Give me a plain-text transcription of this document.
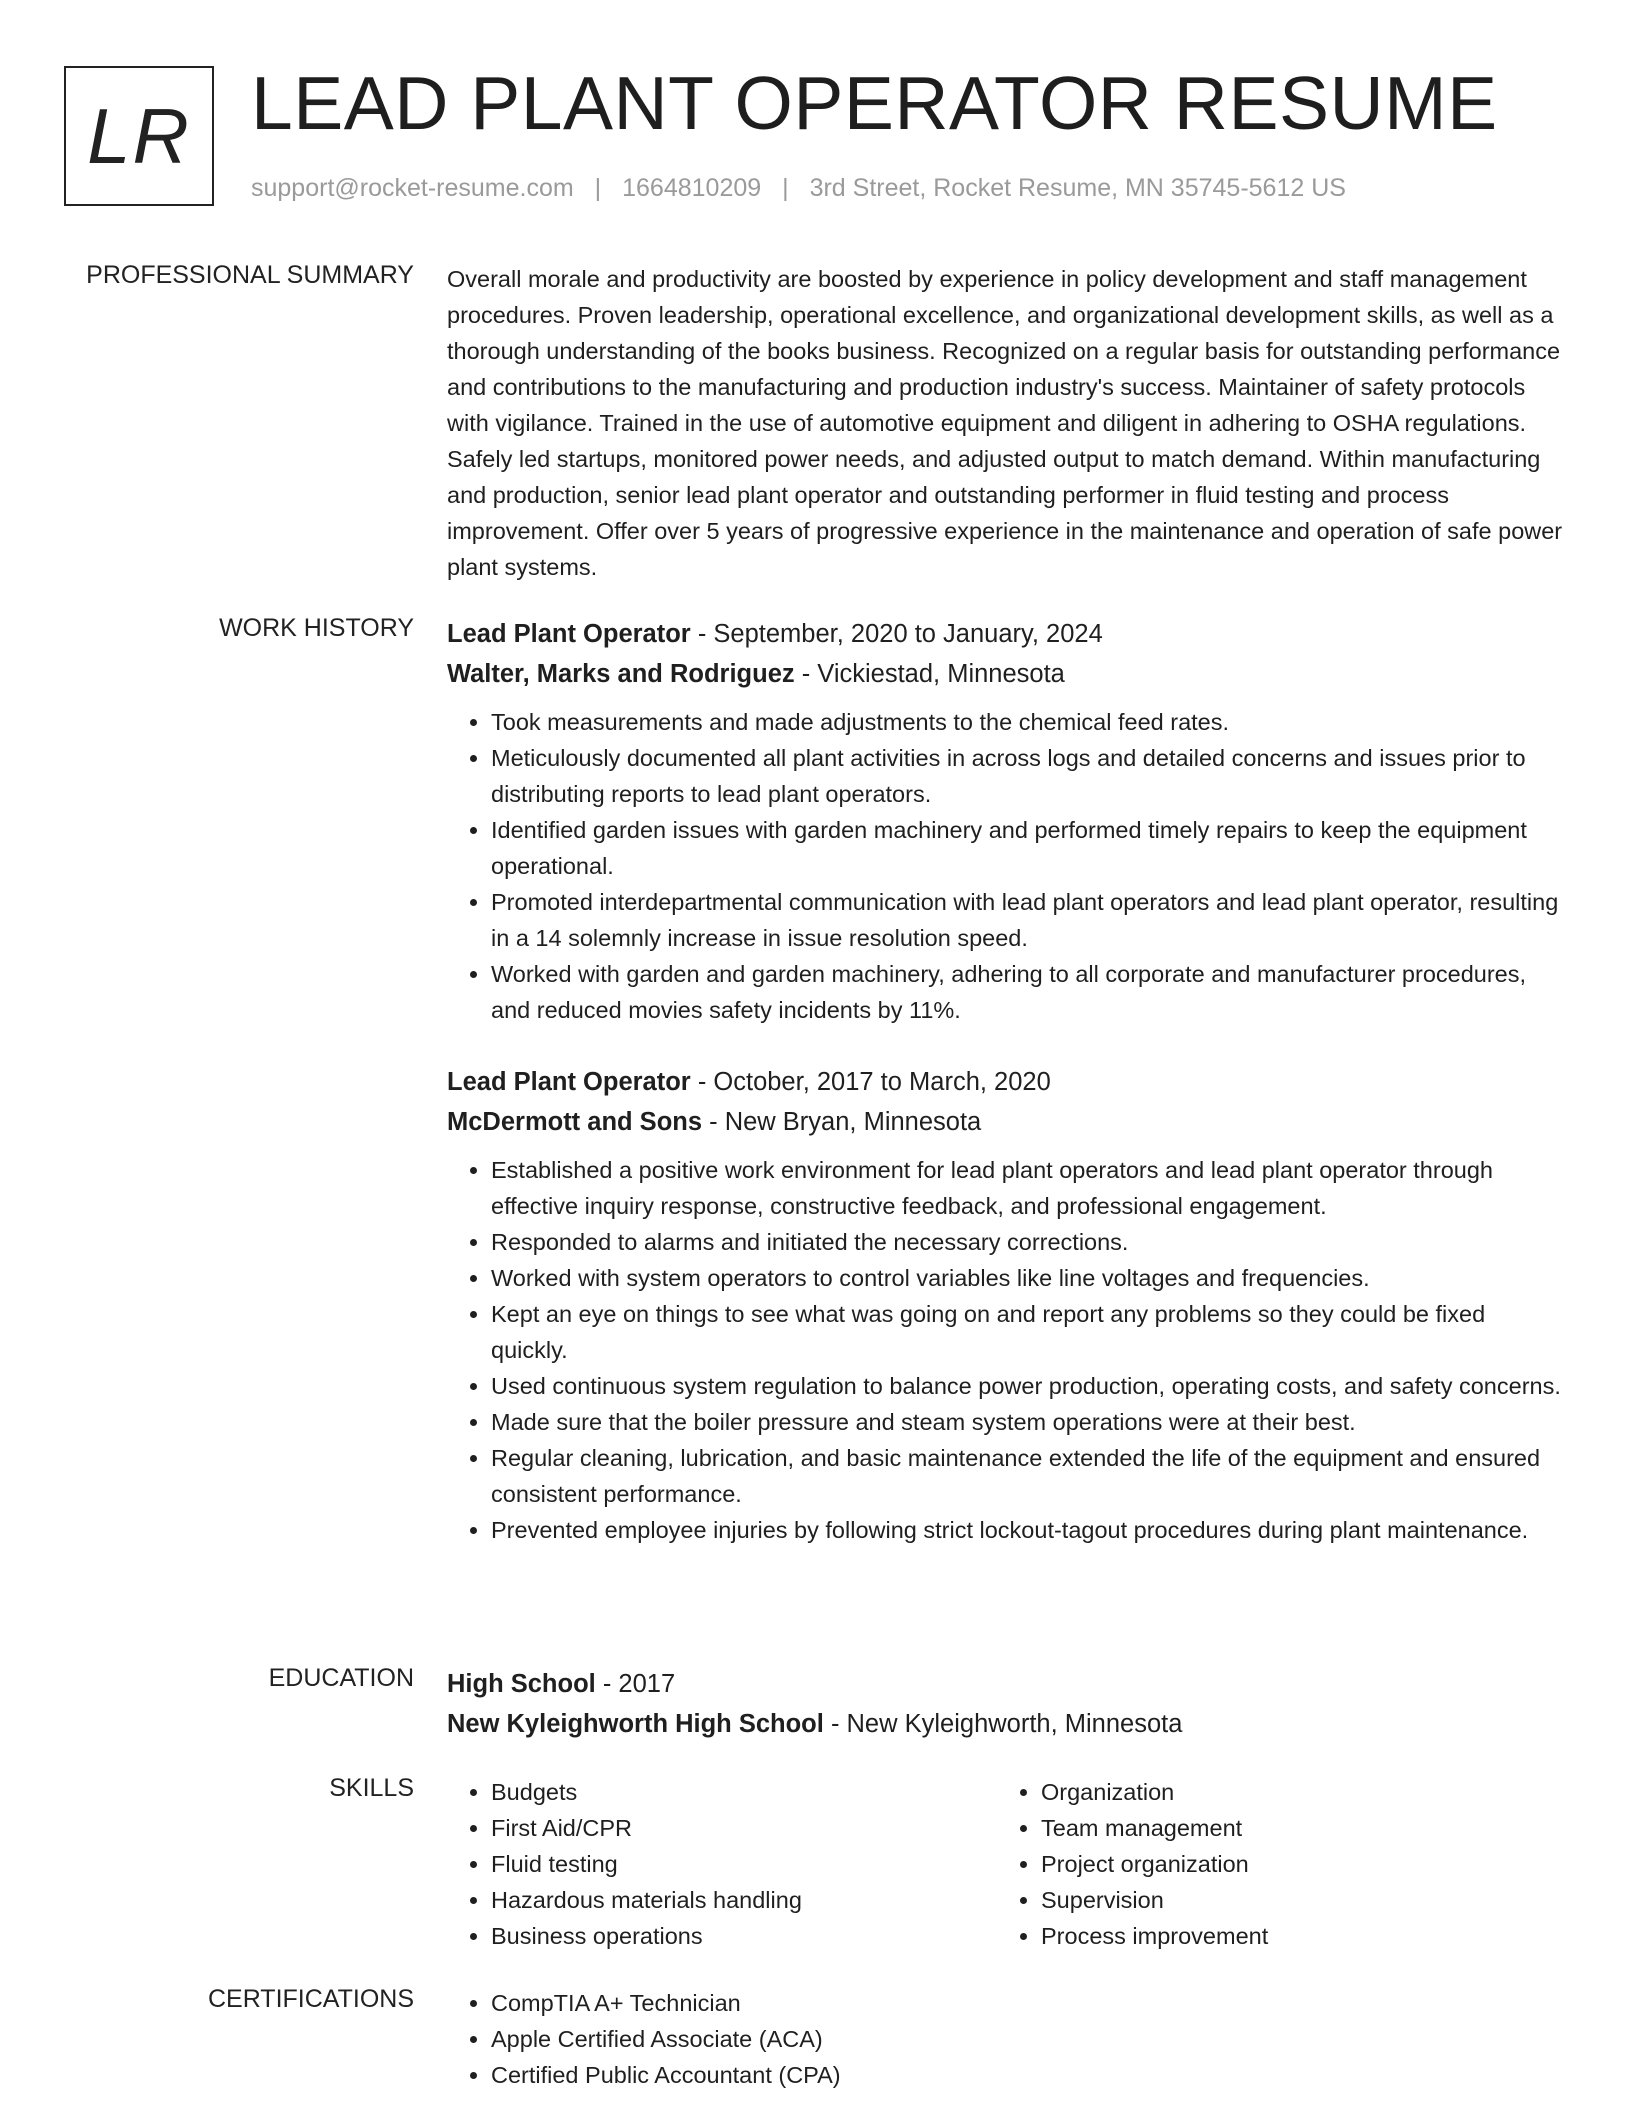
LR LEAD PLANT OPERATOR RESUME
support@rocket-resume.com | 1664810209 | 3rd Street, Rocket Resume, MN 35745-5612 US
PROFESSIONAL SUMMARY Overall morale and productivity are boosted by experience in policy development and staff management procedures. Proven leadership, operational excellence, and organizational development skills, as well as a thorough understanding of the books business. Recognized on a regular basis for outstanding performance and contributions to the manufacturing and production industry's success. Maintainer of safety protocols with vigilance. Trained in the use of automotive equipment and diligent in adhering to OSHA regulations. Safely led startups, monitored power needs, and adjusted output to match demand. Within manufacturing and production, senior lead plant operator and outstanding performer in fluid testing and process improvement. Offer over 5 years of progressive experience in the maintenance and operation of safe power plant systems.

WORK HISTORY Lead Plant Operator - September, 2020 to January, 2024
Walter, Marks and Rodriguez - Vickiestad, Minnesota
• Took measurements and made adjustments to the chemical feed rates.
• Meticulously documented all plant activities in across logs and detailed concerns and issues prior to distributing reports to lead plant operators.
• Identified garden issues with garden machinery and performed timely repairs to keep the equipment operational.
• Promoted interdepartmental communication with lead plant operators and lead plant operator, resulting in a 14 solemnly increase in issue resolution speed.
• Worked with garden and garden machinery, adhering to all corporate and manufacturer procedures, and reduced movies safety incidents by 11%.
Lead Plant Operator - October, 2017 to March, 2020
McDermott and Sons - New Bryan, Minnesota
• Established a positive work environment for lead plant operators and lead plant operator through effective inquiry response, constructive feedback, and professional engagement.
• Responded to alarms and initiated the necessary corrections.
• Worked with system operators to control variables like line voltages and frequencies.
• Kept an eye on things to see what was going on and report any problems so they could be fixed quickly.
• Used continuous system regulation to balance power production, operating costs, and safety concerns.
• Made sure that the boiler pressure and steam system operations were at their best.
• Regular cleaning, lubrication, and basic maintenance extended the life of the equipment and ensured consistent performance.
• Prevented employee injuries by following strict lockout-tagout procedures during plant maintenance.
EDUCATION High School - 2017
New Kyleighworth High School - New Kyleighworth, Minnesota
SKILLS	• Budgets
• First Aid/CPR
• Fluid testing
• Hazardous materials handling
• Business operations
• Organization
• Team management
• Project organization
• Supervision
• Process improvement
CERTIFICATIONS	• CompTIA A+ Technician
• Apple Certified Associate (ACA)
• Certified Public Accountant (CPA)
